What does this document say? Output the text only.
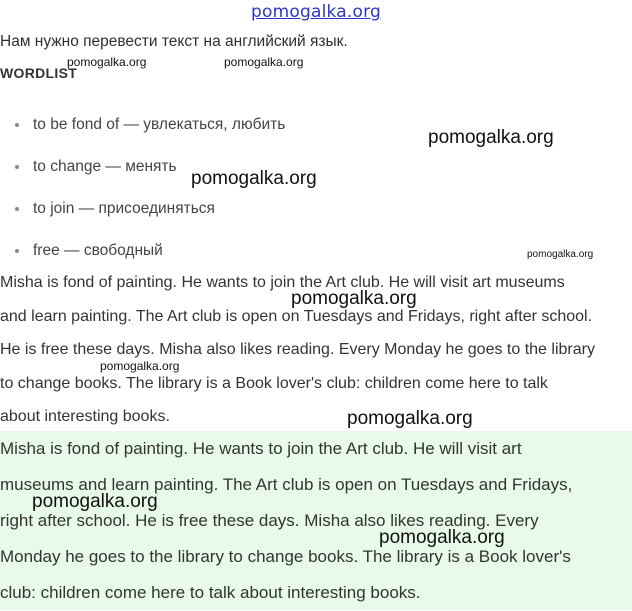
pomogalka.org
Нам нужно перевести текст на английский язык.
WORDLIST
to be fond of — увлекаться, любить
to change — менять
to join — присоединяться
free — свободный

Misha is fond of painting. He wants to join the Art club. He will visit art museums
and learn painting. The Art club is open on Tuesdays and Fridays, right after school.
He is free these days. Misha also likes reading. Every Monday he goes to the library
to change books. The library is a Book lover's club: children come here to talk
about interesting books.

Misha is fond of painting. He wants to join the Art club. He will visit art
museums and learn painting. The Art club is open on Tuesdays and Fridays,
right after school. He is free these days. Misha also likes reading. Every
Monday he goes to the library to change books. The library is a Book lover's
club: children come here to talk about interesting books.
pomogalka.org	pomogalka.org
pomogalka.org
pomogalka.org
pomogalka.org
pomogalka.org
pomogalka.org
pomogalka.org
pomogalka.org
pomogalka.org
